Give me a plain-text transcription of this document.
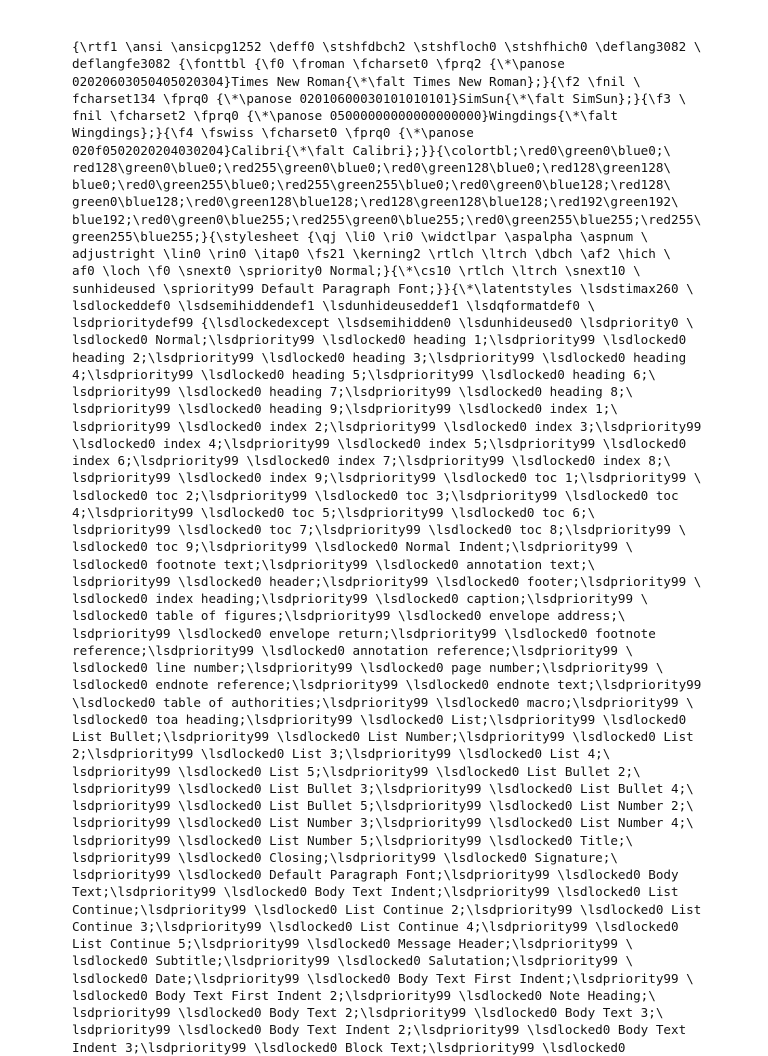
{\rtf1 \ansi \ansicpg1252 \deff0 \stshfdbch2 \stshfloch0 \stshfhich0 \deflang3082 \
deflangfe3082 {\fonttbl {\f0 \froman \fcharset0 \fprq2 {\*\panose
02020603050405020304}Times New Roman{\*\falt Times New Roman};}{\f2 \fnil \
fcharset134 \fprq0 {\*\panose 02010600030101010101}SimSun{\*\falt SimSun};}{\f3 \
fnil \fcharset2 \fprq0 {\*\panose 05000000000000000000}Wingdings{\*\falt
Wingdings};}{\f4 \fswiss \fcharset0 \fprq0 {\*\panose
020f0502020204030204}Calibri{\*\falt Calibri};}}{\colortbl;\red0\green0\blue0;\
red128\green0\blue0;\red255\green0\blue0;\red0\green128\blue0;\red128\green128\
blue0;\red0\green255\blue0;\red255\green255\blue0;\red0\green0\blue128;\red128\
green0\blue128;\red0\green128\blue128;\red128\green128\blue128;\red192\green192\
blue192;\red0\green0\blue255;\red255\green0\blue255;\red0\green255\blue255;\red255\
green255\blue255;}{\stylesheet {\qj \li0 \ri0 \widctlpar \aspalpha \aspnum \
adjustright \lin0 \rin0 \itap0 \fs21 \kerning2 \rtlch \ltrch \dbch \af2 \hich \
af0 \loch \f0 \snext0 \spriority0 Normal;}{\*\cs10 \rtlch \ltrch \snext10 \
sunhideused \spriority99 Default Paragraph Font;}}{\*\latentstyles \lsdstimax260 \
lsdlockeddef0 \lsdsemihiddendef1 \lsdunhideuseddef1 \lsdqformatdef0 \
lsdprioritydef99 {\lsdlockedexcept \lsdsemihidden0 \lsdunhideused0 \lsdpriority0 \
lsdlocked0 Normal;\lsdpriority99 \lsdlocked0 heading 1;\lsdpriority99 \lsdlocked0
heading 2;\lsdpriority99 \lsdlocked0 heading 3;\lsdpriority99 \lsdlocked0 heading
4;\lsdpriority99 \lsdlocked0 heading 5;\lsdpriority99 \lsdlocked0 heading 6;\
lsdpriority99 \lsdlocked0 heading 7;\lsdpriority99 \lsdlocked0 heading 8;\
lsdpriority99 \lsdlocked0 heading 9;\lsdpriority99 \lsdlocked0 index 1;\
lsdpriority99 \lsdlocked0 index 2;\lsdpriority99 \lsdlocked0 index 3;\lsdpriority99
\lsdlocked0 index 4;\lsdpriority99 \lsdlocked0 index 5;\lsdpriority99 \lsdlocked0
index 6;\lsdpriority99 \lsdlocked0 index 7;\lsdpriority99 \lsdlocked0 index 8;\
lsdpriority99 \lsdlocked0 index 9;\lsdpriority99 \lsdlocked0 toc 1;\lsdpriority99 \
lsdlocked0 toc 2;\lsdpriority99 \lsdlocked0 toc 3;\lsdpriority99 \lsdlocked0 toc
4;\lsdpriority99 \lsdlocked0 toc 5;\lsdpriority99 \lsdlocked0 toc 6;\
lsdpriority99 \lsdlocked0 toc 7;\lsdpriority99 \lsdlocked0 toc 8;\lsdpriority99 \
lsdlocked0 toc 9;\lsdpriority99 \lsdlocked0 Normal Indent;\lsdpriority99 \
lsdlocked0 footnote text;\lsdpriority99 \lsdlocked0 annotation text;\
lsdpriority99 \lsdlocked0 header;\lsdpriority99 \lsdlocked0 footer;\lsdpriority99 \
lsdlocked0 index heading;\lsdpriority99 \lsdlocked0 caption;\lsdpriority99 \
lsdlocked0 table of figures;\lsdpriority99 \lsdlocked0 envelope address;\
lsdpriority99 \lsdlocked0 envelope return;\lsdpriority99 \lsdlocked0 footnote
reference;\lsdpriority99 \lsdlocked0 annotation reference;\lsdpriority99 \
lsdlocked0 line number;\lsdpriority99 \lsdlocked0 page number;\lsdpriority99 \
lsdlocked0 endnote reference;\lsdpriority99 \lsdlocked0 endnote text;\lsdpriority99
\lsdlocked0 table of authorities;\lsdpriority99 \lsdlocked0 macro;\lsdpriority99 \
lsdlocked0 toa heading;\lsdpriority99 \lsdlocked0 List;\lsdpriority99 \lsdlocked0
List Bullet;\lsdpriority99 \lsdlocked0 List Number;\lsdpriority99 \lsdlocked0 List
2;\lsdpriority99 \lsdlocked0 List 3;\lsdpriority99 \lsdlocked0 List 4;\
lsdpriority99 \lsdlocked0 List 5;\lsdpriority99 \lsdlocked0 List Bullet 2;\
lsdpriority99 \lsdlocked0 List Bullet 3;\lsdpriority99 \lsdlocked0 List Bullet 4;\
lsdpriority99 \lsdlocked0 List Bullet 5;\lsdpriority99 \lsdlocked0 List Number 2;\
lsdpriority99 \lsdlocked0 List Number 3;\lsdpriority99 \lsdlocked0 List Number 4;\
lsdpriority99 \lsdlocked0 List Number 5;\lsdpriority99 \lsdlocked0 Title;\
lsdpriority99 \lsdlocked0 Closing;\lsdpriority99 \lsdlocked0 Signature;\
lsdpriority99 \lsdlocked0 Default Paragraph Font;\lsdpriority99 \lsdlocked0 Body
Text;\lsdpriority99 \lsdlocked0 Body Text Indent;\lsdpriority99 \lsdlocked0 List
Continue;\lsdpriority99 \lsdlocked0 List Continue 2;\lsdpriority99 \lsdlocked0 List
Continue 3;\lsdpriority99 \lsdlocked0 List Continue 4;\lsdpriority99 \lsdlocked0
List Continue 5;\lsdpriority99 \lsdlocked0 Message Header;\lsdpriority99 \
lsdlocked0 Subtitle;\lsdpriority99 \lsdlocked0 Salutation;\lsdpriority99 \
lsdlocked0 Date;\lsdpriority99 \lsdlocked0 Body Text First Indent;\lsdpriority99 \
lsdlocked0 Body Text First Indent 2;\lsdpriority99 \lsdlocked0 Note Heading;\
lsdpriority99 \lsdlocked0 Body Text 2;\lsdpriority99 \lsdlocked0 Body Text 3;\
lsdpriority99 \lsdlocked0 Body Text Indent 2;\lsdpriority99 \lsdlocked0 Body Text
Indent 3;\lsdpriority99 \lsdlocked0 Block Text;\lsdpriority99 \lsdlocked0
